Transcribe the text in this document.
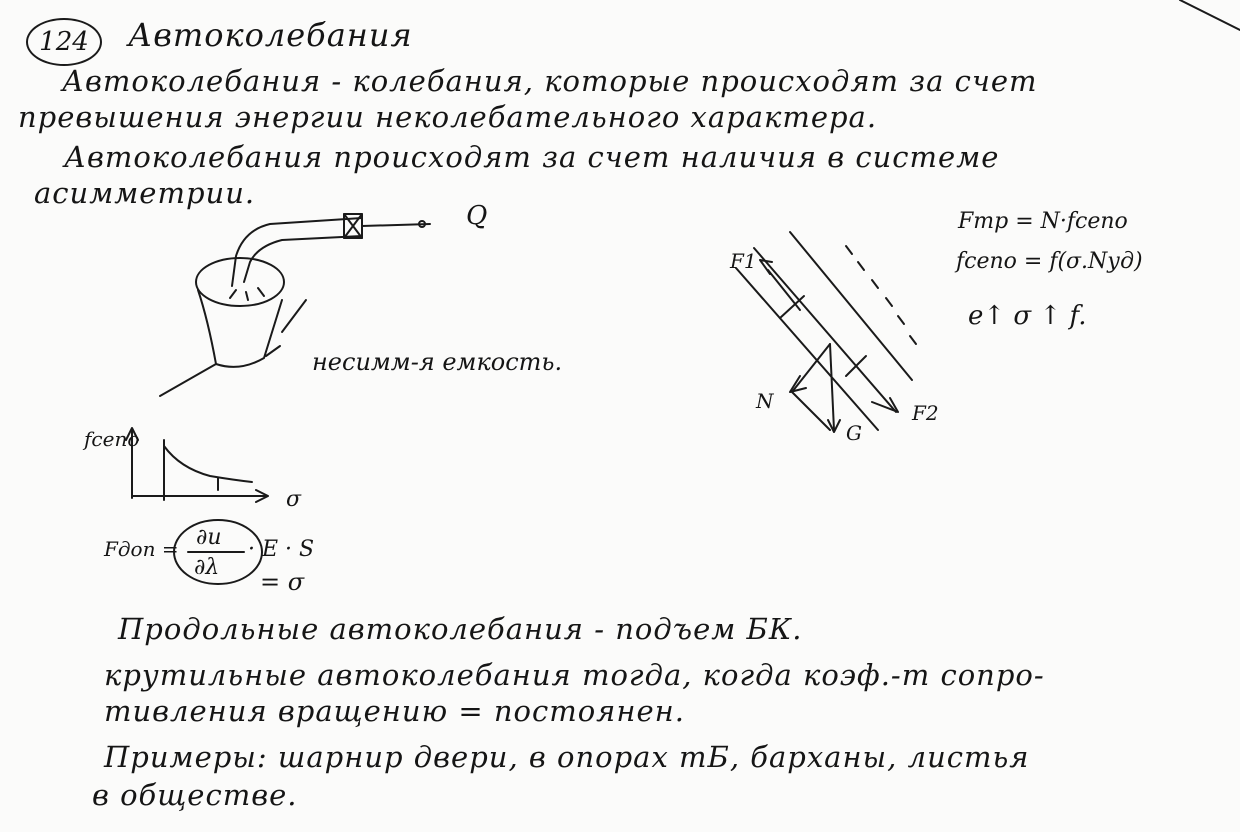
124	Автоколебания
Автоколебания - колебания, которые происходят за счет
превышения энергии неколебательного характера.
Автоколебания происходят за счет наличия в системе
асимметрии.
Q
несимм-я емкость.
fсeno
σ
Fдоп = ∂u
∂λ
· E · S
= σ
F1
F2
N
G
Fтр = N·fсeno
fсeno = f(σ.Nуд)
e↑ σ ↑ f.
Продольные автоколебания - подъем БК.
крутильные автоколебания тогда, когда коэф.-т сопро-
тивления вращению = постоянен.
Примеры: шарнир двери, в опорах тБ, барханы, листья
в обществе.
